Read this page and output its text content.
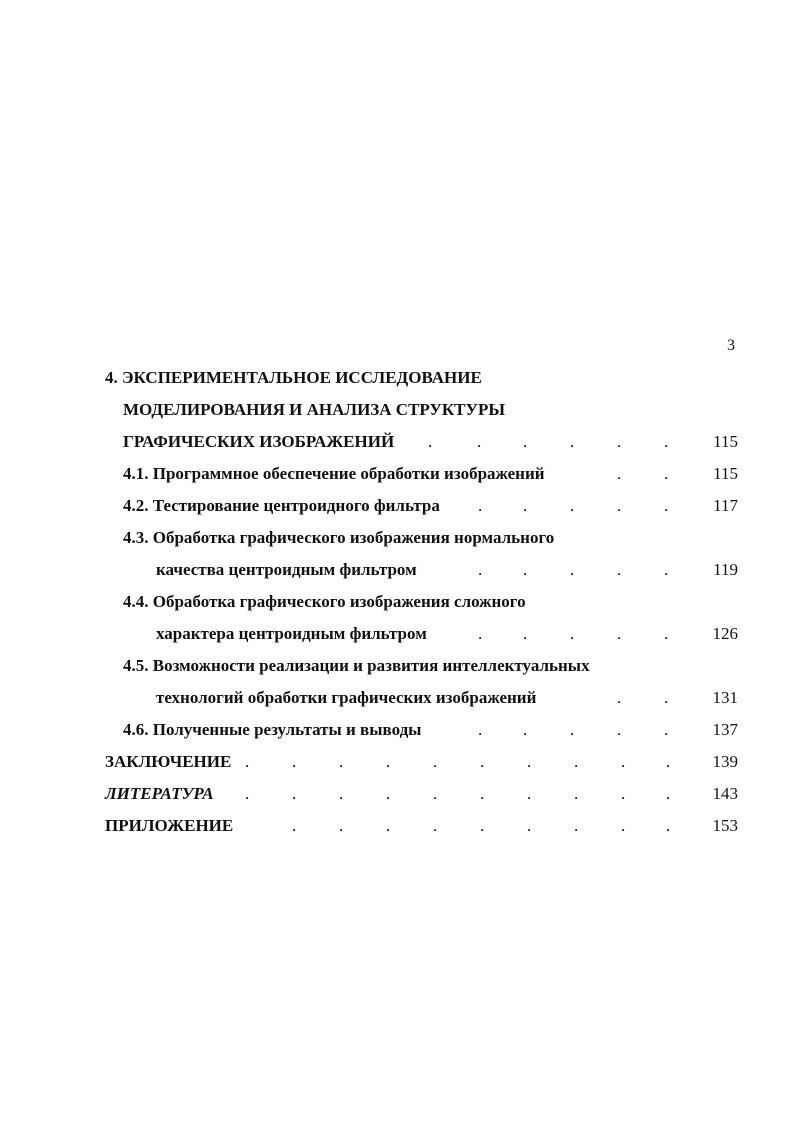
3
4. ЭКСПЕРИМЕНТАЛЬНОЕ ИССЛЕДОВАНИЕ
МОДЕЛИРОВАНИЯ И АНАЛИЗА СТРУКТУРЫ
ГРАФИЧЕСКИХ ИЗОБРАЖЕНИЙ .	. .	.	.	.	115
4.1. Программное обеспечение обработки изображений	.	.	115
4.2. Тестирование центроидного фильтра . .	.	.	.	117
4.3. Обработка графического изображения нормального
качества центроидным фильтром	. .	.	.	.	119
4.4. Обработка графического изображения сложного
характера центроидным фильтром	. .	.	.	.	126
4.5. Возможности реализации и развития интеллектуальных
технологий обработки графических изображений	.	.	131
4.6. Полученные результаты и выводы	. .	.	.	.	137
ЗАКЛЮЧЕНИЕ .	.	.	.	.	.	.	.	. .	139
ЛИТЕРАТУРА .	.	.	.	.	.	.	.	. .	143
ПРИЛОЖЕНИЕ	.	.	.	.	.	.	.	. .	153
